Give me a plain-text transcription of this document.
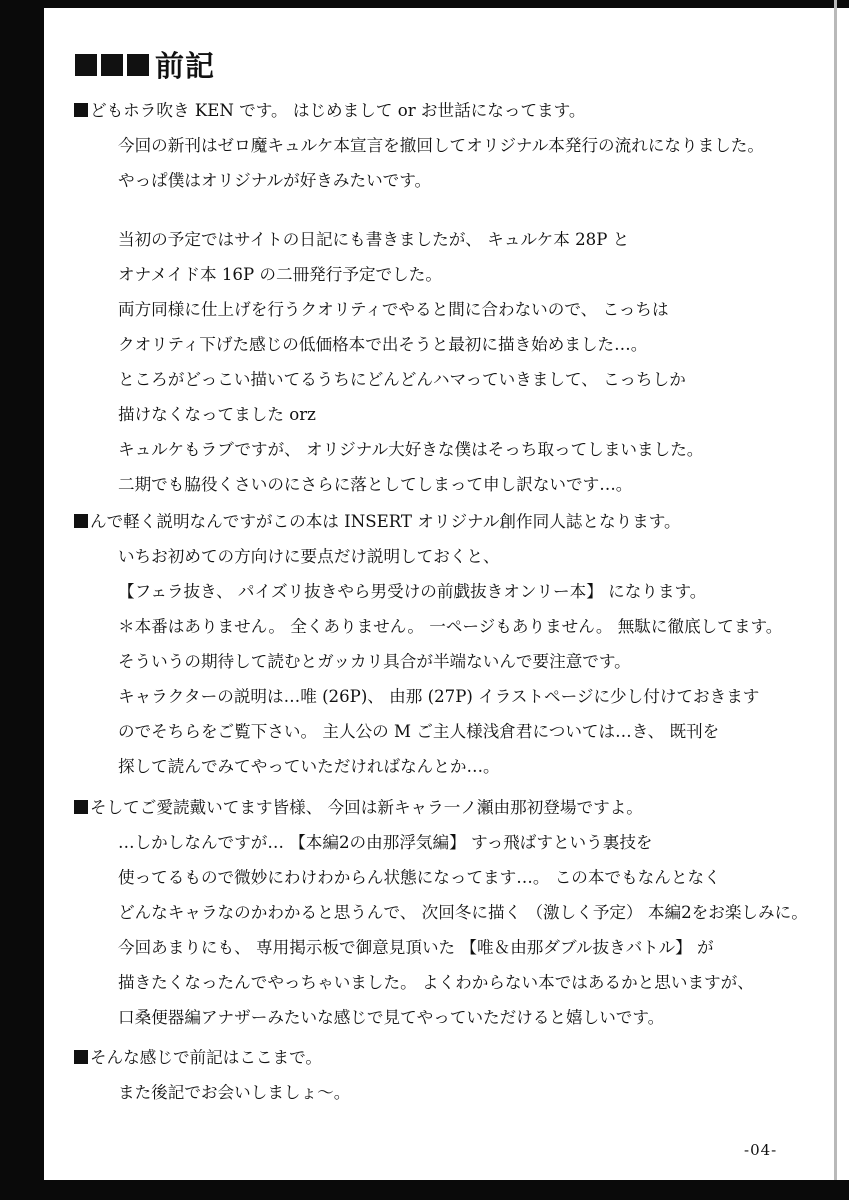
前記
どもホラ吹き KEN です。 はじめまして or お世話になってます。
今回の新刊はゼロ魔キュルケ本宣言を撤回してオリジナル本発行の流れになりました。
やっぱ僕はオリジナルが好きみたいです。
当初の予定ではサイトの日記にも書きましたが、 キュルケ本 28P と
オナメイド本 16P の二冊発行予定でした。
両方同様に仕上げを行うクオリティでやると間に合わないので、 こっちは
クオリティ下げた感じの低価格本で出そうと最初に描き始めました…。
ところがどっこい描いてるうちにどんどんハマっていきまして、 こっちしか
描けなくなってました orz
キュルケもラブですが、 オリジナル大好きな僕はそっち取ってしまいました。
二期でも脇役くさいのにさらに落としてしまって申し訳ないです…。
んで軽く説明なんですがこの本は INSERT オリジナル創作同人誌となります。
いちお初めての方向けに要点だけ説明しておくと、
【フェラ抜き、 パイズリ抜きやら男受けの前戯抜きオンリー本】 になります。
＊本番はありません。 全くありません。 一ページもありません。 無駄に徹底してます。
そういうの期待して読むとガッカリ具合が半端ないんで要注意です。
キャラクターの説明は…唯 (26P)、 由那 (27P) イラストページに少し付けておきます
のでそちらをご覧下さい。 主人公の M ご主人様浅倉君については…き、 既刊を
探して読んでみてやっていただければなんとか…。
そしてご愛読戴いてます皆様、 今回は新キャラ一ノ瀬由那初登場ですよ。
…しかしなんですが… 【本編2の由那浮気編】 すっ飛ばすという裏技を
使ってるもので微妙にわけわからん状態になってます…。 この本でもなんとなく
どんなキャラなのかわかると思うんで、 次回冬に描く （激しく予定） 本編2をお楽しみに。
今回あまりにも、 専用掲示板で御意見頂いた 【唯＆由那ダブル抜きバトル】 が
描きたくなったんでやっちゃいました。 よくわからない本ではあるかと思いますが、
口桑便器編アナザーみたいな感じで見てやっていただけると嬉しいです。
そんな感じで前記はここまで。
また後記でお会いしましょ～。
-04-
